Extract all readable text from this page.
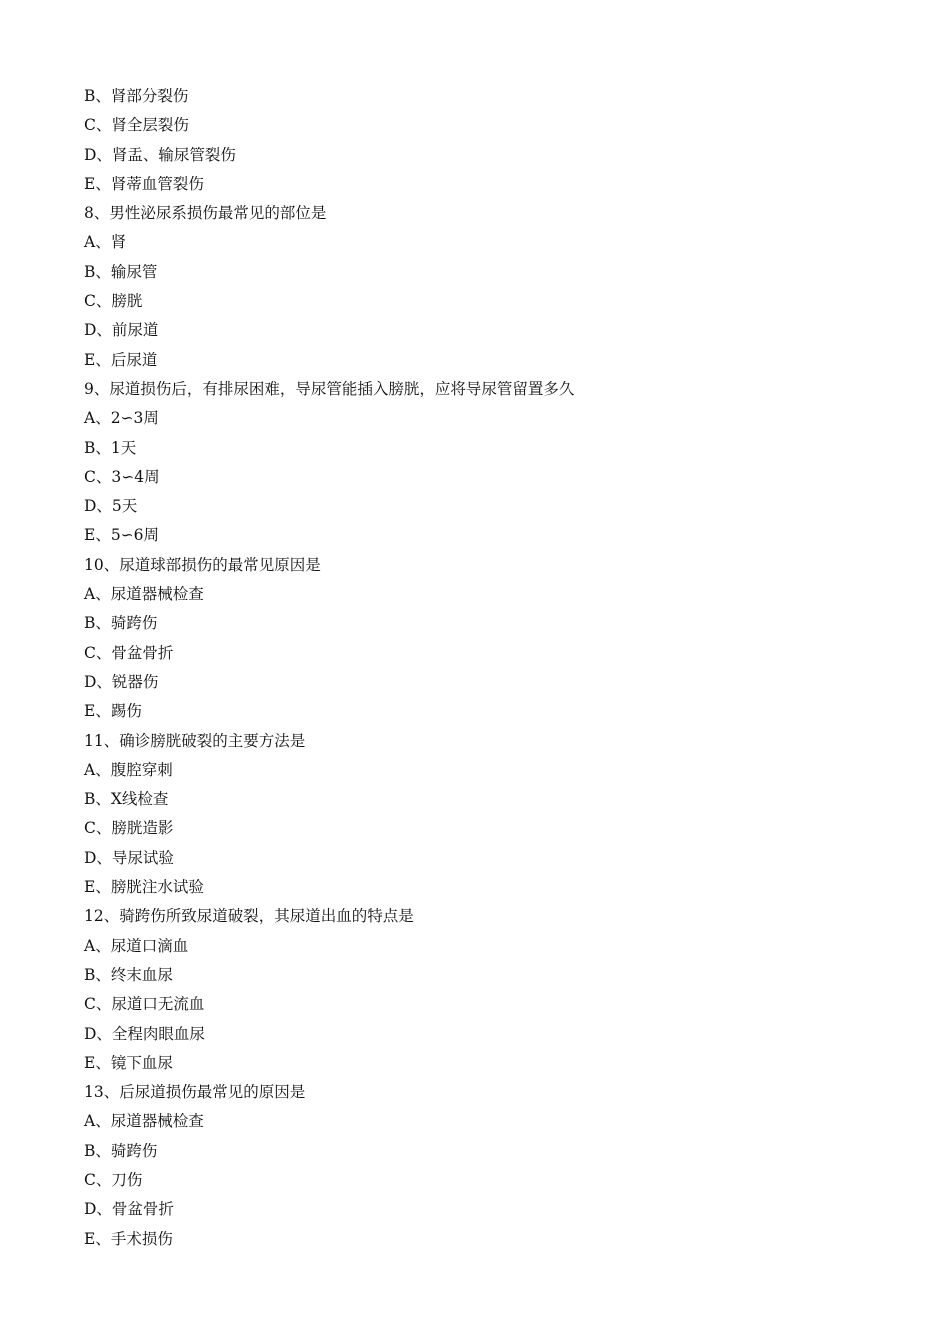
B、肾部分裂伤
C、肾全层裂伤
D、肾盂、输尿管裂伤
E、肾蒂血管裂伤
8、男性泌尿系损伤最常见的部位是
A、肾
B、输尿管
C、膀胱
D、前尿道
E、后尿道
9、尿道损伤后，有排尿困难，导尿管能插入膀胱，应将导尿管留置多久
A、2∽3周
B、1天
C、3∽4周
D、5天
E、5∽6周
10、尿道球部损伤的最常见原因是
A、尿道器械检查
B、骑跨伤
C、骨盆骨折
D、锐器伤
E、踢伤
11、确诊膀胱破裂的主要方法是
A、腹腔穿刺
B、X线检查
C、膀胱造影
D、导尿试验
E、膀胱注水试验
12、骑跨伤所致尿道破裂，其尿道出血的特点是
A、尿道口滴血
B、终末血尿
C、尿道口无流血
D、全程肉眼血尿
E、镜下血尿
13、后尿道损伤最常见的原因是
A、尿道器械检查
B、骑跨伤
C、刀伤
D、骨盆骨折
E、手术损伤
